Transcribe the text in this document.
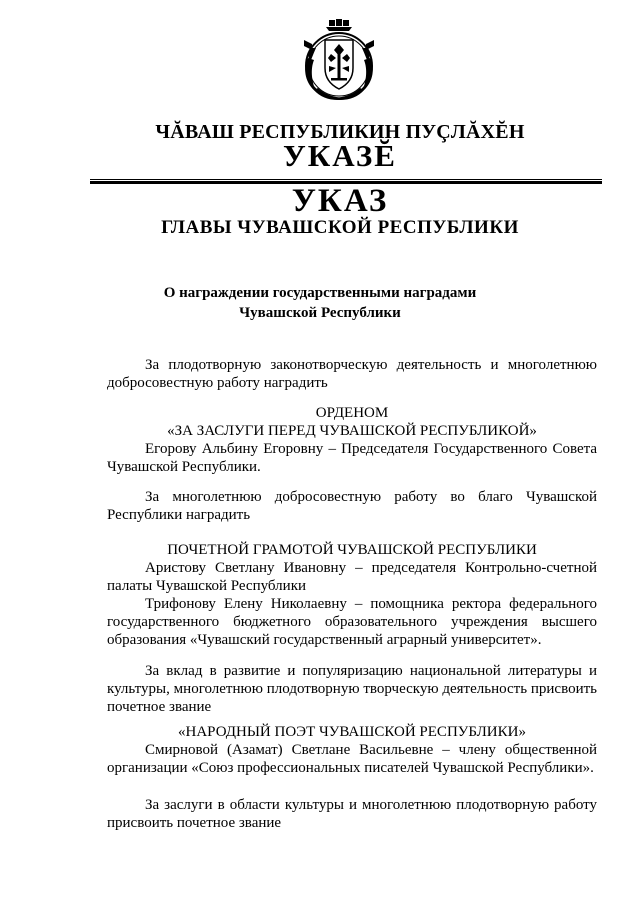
ЧĂВАШ РЕСПУБЛИКИН ПУÇЛĂХĔН
УКАЗĔ
УКАЗ
ГЛАВЫ ЧУВАШСКОЙ РЕСПУБЛИКИ
О награждении государственными наградами
Чувашской Республики

За плодотворную законотворческую деятельность и многолетнюю добросовестную работу наградить

ОРДЕНОМ

«ЗА ЗАСЛУГИ ПЕРЕД ЧУВАШСКОЙ РЕСПУБЛИКОЙ»

Егорову Альбину Егоровну – Председателя Государственного Совета Чувашской Республики.

За многолетнюю добросовестную работу во благо Чувашской Республики наградить

ПОЧЕТНОЙ ГРАМОТОЙ ЧУВАШСКОЙ РЕСПУБЛИКИ

Аристову Светлану Ивановну – председателя Контрольно-счетной палаты Чувашской Республики

Трифонову Елену Николаевну – помощника ректора федерального государственного бюджетного образовательного учреждения высшего образования «Чувашский государственный аграрный университет».

За вклад в развитие и популяризацию национальной литературы и культуры, многолетнюю плодотворную творческую деятельность присвоить почетное звание

«НАРОДНЫЙ ПОЭТ ЧУВАШСКОЙ РЕСПУБЛИКИ»

Смирновой (Азамат) Светлане Васильевне – члену общественной организации «Союз профессиональных писателей Чувашской Республики».

За заслуги в области культуры и многолетнюю плодотворную работу присвоить почетное звание
